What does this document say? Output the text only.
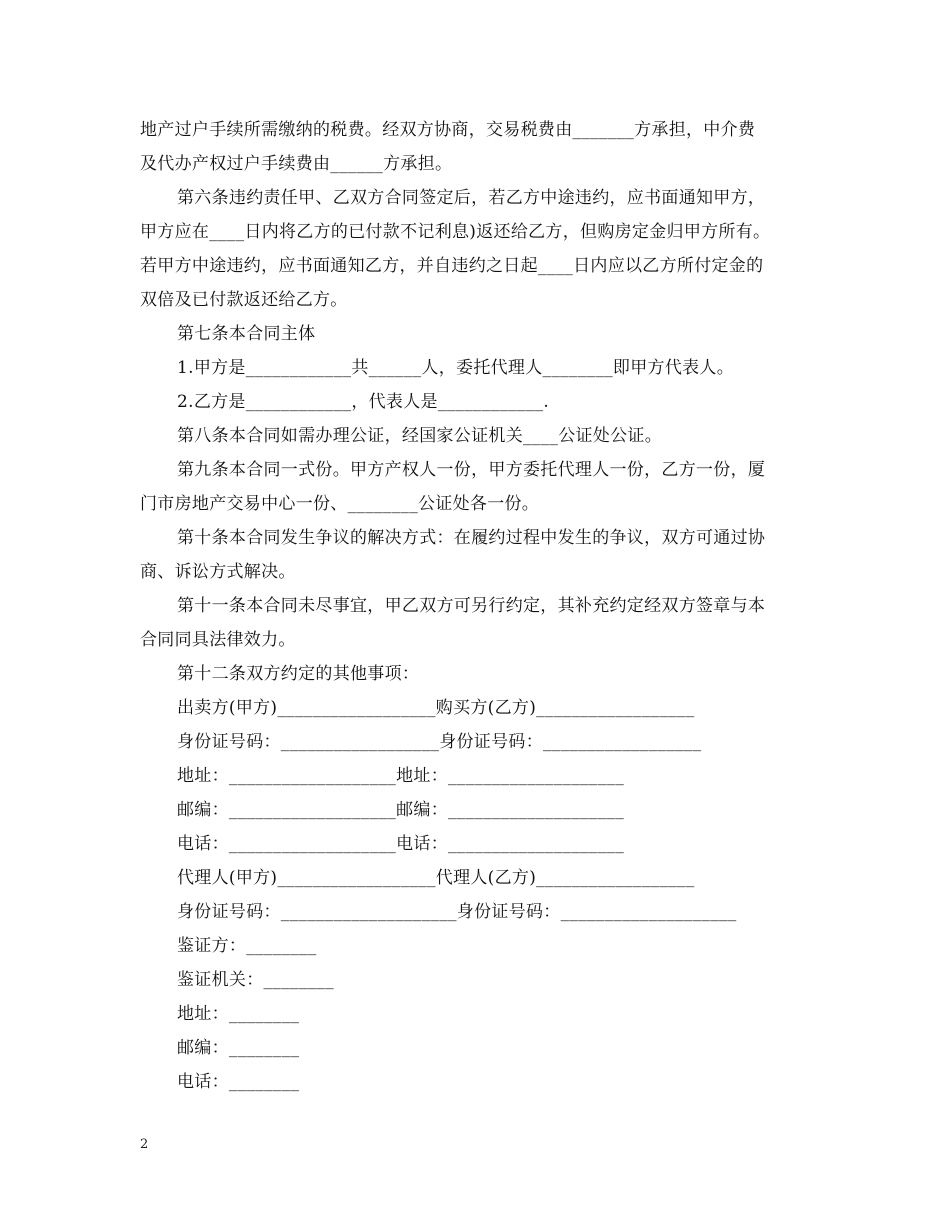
地产过户手续所需缴纳的税费。经双方协商，交易税费由_______方承担，中介费
及代办产权过户手续费由______方承担。
第六条违约责任甲、乙双方合同签定后，若乙方中途违约，应书面通知甲方，
甲方应在____日内将乙方的已付款不记利息)返还给乙方，但购房定金归甲方所有。
若甲方中途违约，应书面通知乙方，并自违约之日起____日内应以乙方所付定金的
双倍及已付款返还给乙方。
第七条本合同主体
1.甲方是____________共______人，委托代理人________即甲方代表人。
2.乙方是____________，代表人是____________.
第八条本合同如需办理公证，经国家公证机关____公证处公证。
第九条本合同一式份。甲方产权人一份，甲方委托代理人一份，乙方一份，厦
门市房地产交易中心一份、________公证处各一份。
第十条本合同发生争议的解决方式：在履约过程中发生的争议，双方可通过协
商、诉讼方式解决。
第十一条本合同未尽事宜，甲乙双方可另行约定，其补充约定经双方签章与本
合同同具法律效力。
第十二条双方约定的其他事项：
出卖方(甲方)__________________购买方(乙方)__________________
身份证号码：__________________身份证号码：__________________
地址：___________________地址：____________________
邮编：___________________邮编：____________________
电话：___________________电话：____________________
代理人(甲方)__________________代理人(乙方)__________________
身份证号码：____________________身份证号码：____________________
鉴证方：________
鉴证机关：________
地址：________
邮编：________
电话：________
2
